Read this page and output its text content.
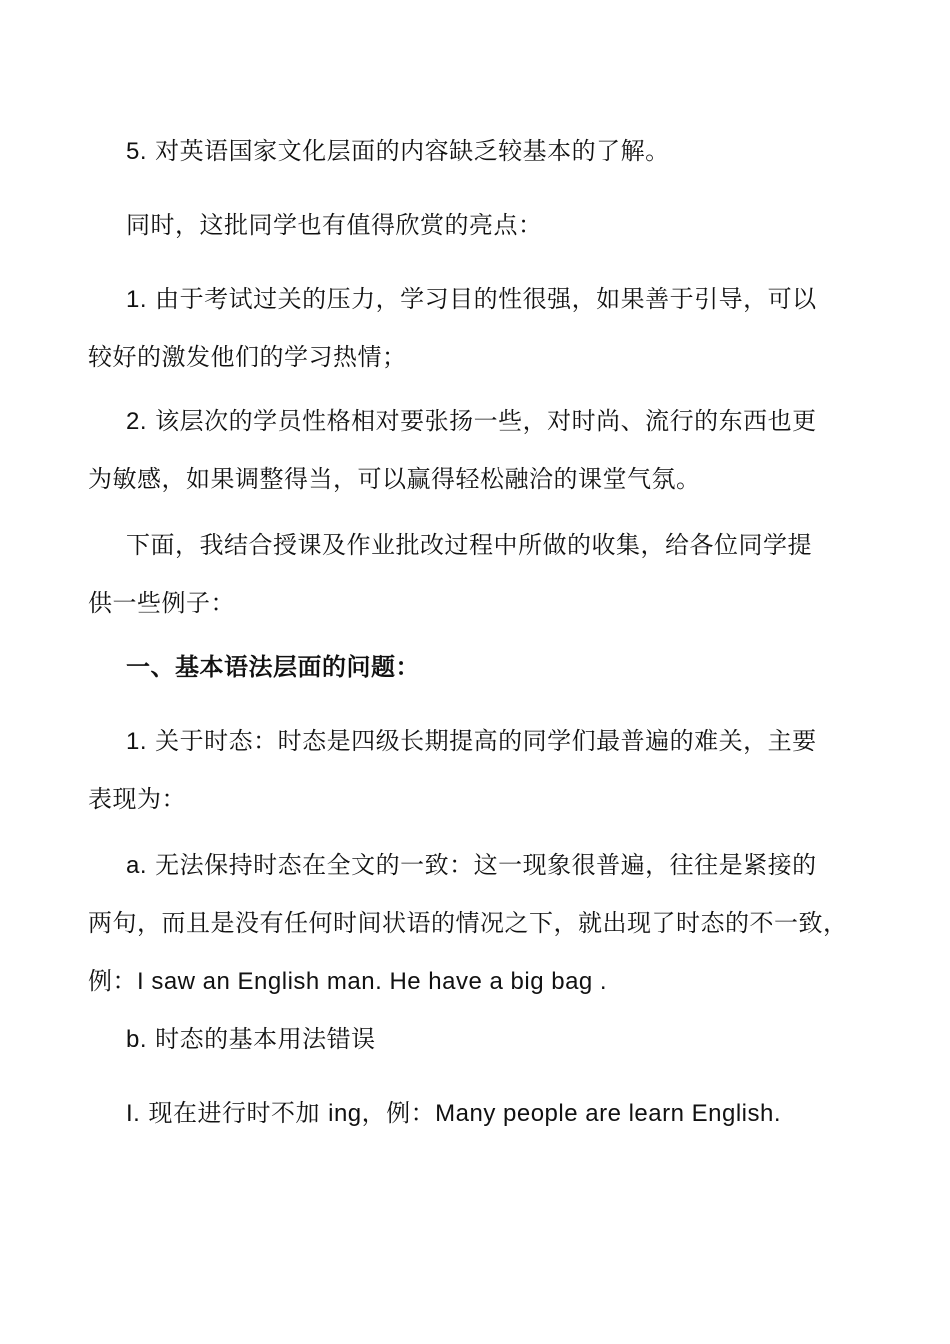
5. 对英语国家文化层面的内容缺乏较基本的了解。
同时，这批同学也有值得欣赏的亮点：
1. 由于考试过关的压力，学习目的性很强，如果善于引导，可以
较好的激发他们的学习热情；
2. 该层次的学员性格相对要张扬一些，对时尚、流行的东西也更
为敏感，如果调整得当，可以赢得轻松融洽的课堂气氛。
下面，我结合授课及作业批改过程中所做的收集，给各位同学提
供一些例子：
一、基本语法层面的问题：
1. 关于时态：时态是四级长期提高的同学们最普遍的难关，主要
表现为：
a. 无法保持时态在全文的一致：这一现象很普遍，往往是紧接的
两句，而且是没有任何时间状语的情况之下，就出现了时态的不一致，
例：I saw an English man. He have a big bag .
b. 时态的基本用法错误
I. 现在进行时不加 ing，例：Many people are learn English.
